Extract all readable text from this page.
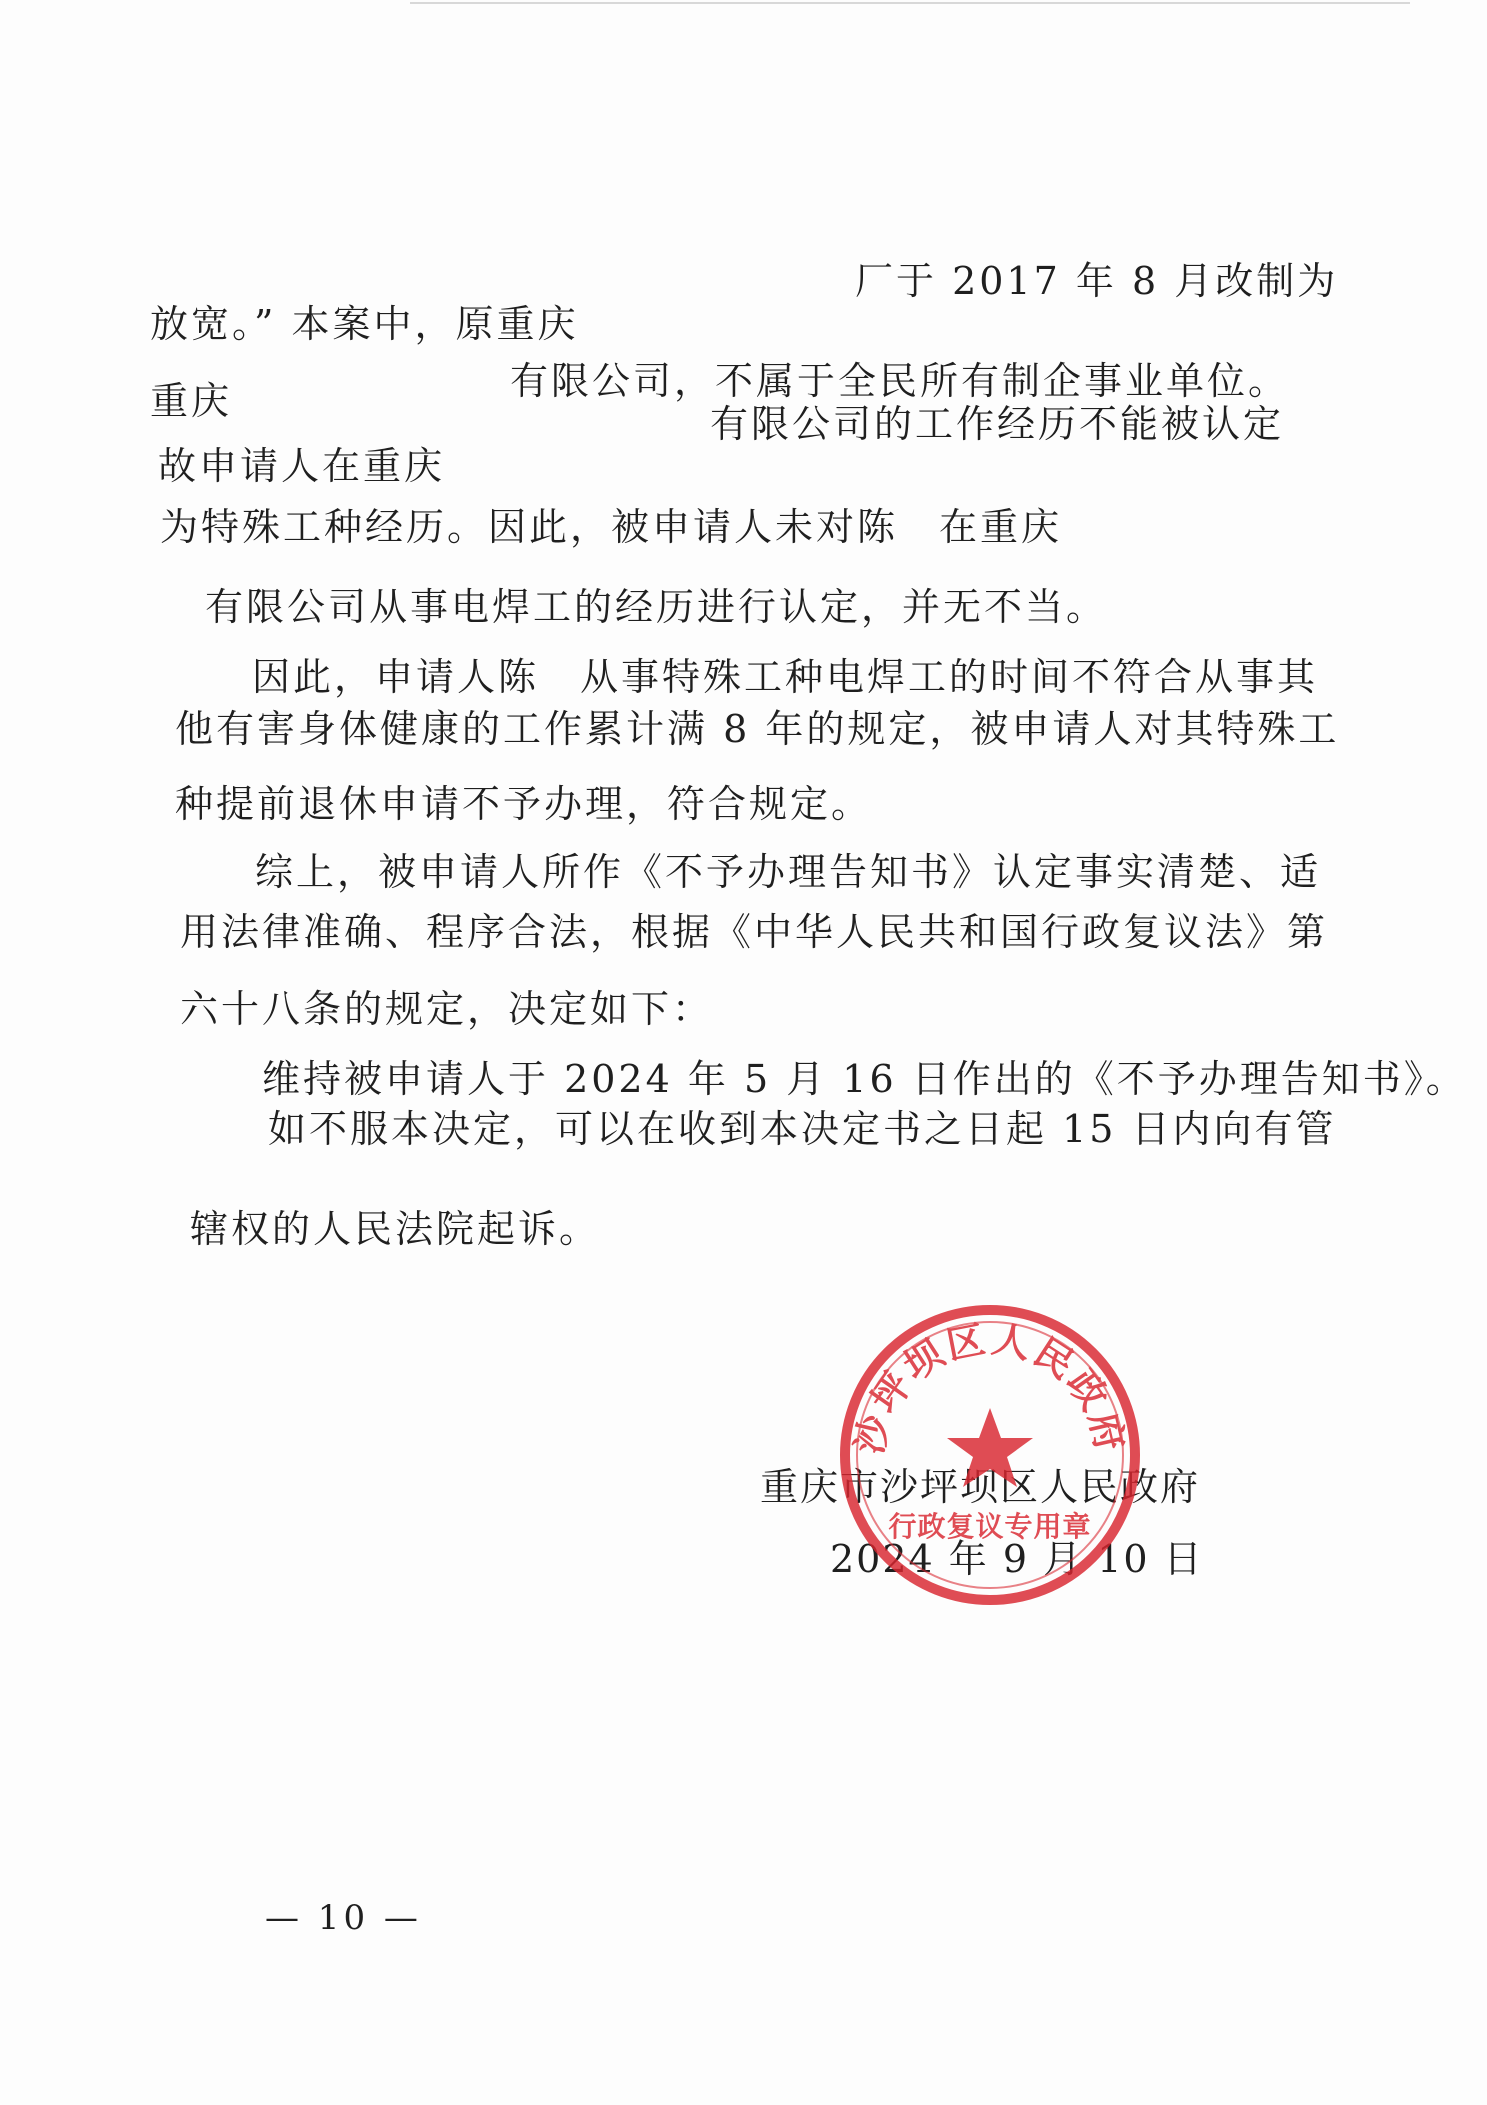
厂于 2017 年 8 月改制为
放宽。” 本案中，原重庆
有限公司，不属于全民所有制企事业单位。
重庆
有限公司的工作经历不能被认定
故申请人在重庆
为特殊工种经历。因此，被申请人未对陈　在重庆
有限公司从事电焊工的经历进行认定，并无不当。
因此，申请人陈　从事特殊工种电焊工的时间不符合从事其
他有害身体健康的工作累计满 8 年的规定，被申请人对其特殊工
种提前退休申请不予办理，符合规定。
综上，被申请人所作《不予办理告知书》认定事实清楚、适
用法律准确、程序合法，根据《中华人民共和国行政复议法》第
六十八条的规定，决定如下：
维持被申请人于 2024 年 5 月 16 日作出的《不予办理告知书》。
如不服本决定，可以在收到本决定书之日起 15 日内向有管
辖权的人民法院起诉。
重庆市沙坪坝区人民政府
2024 年 9 月 10 日
沙坪坝区人民政府
行政复议专用章
— 10 —
